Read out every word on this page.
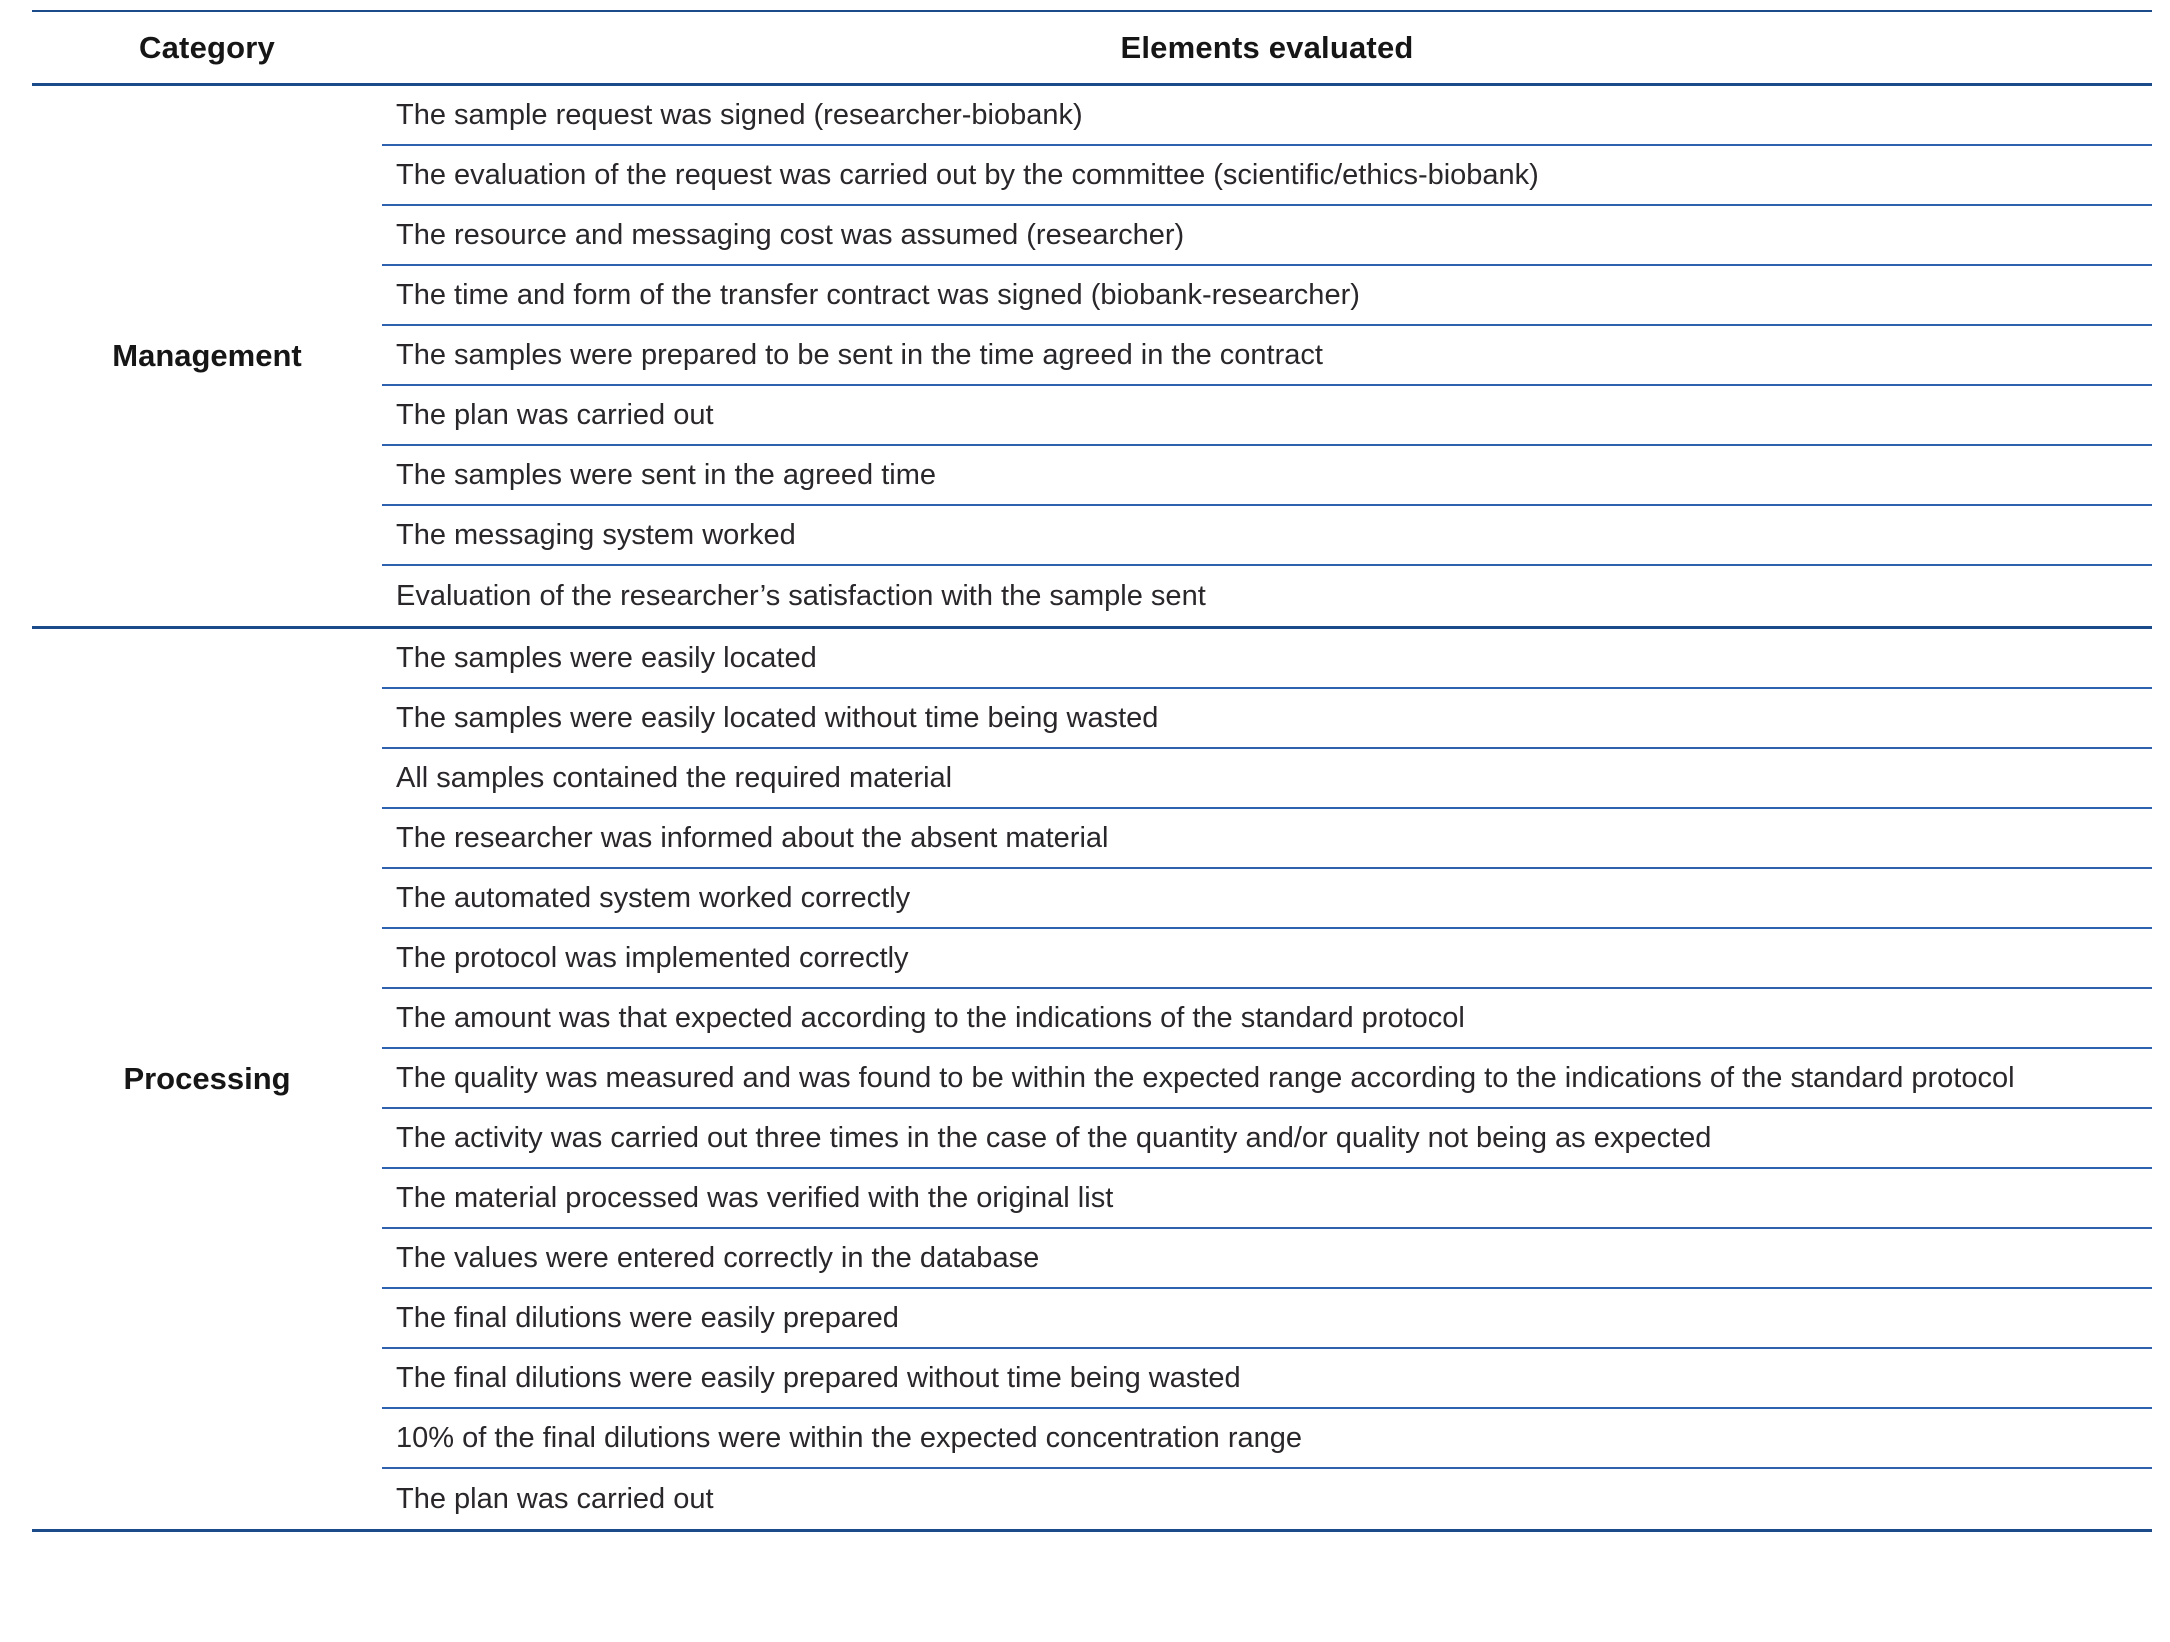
Category	Elements evaluated
Management
The sample request was signed (researcher-biobank)
The evaluation of the request was carried out by the committee (scientific/ethics-biobank)
The resource and messaging cost was assumed (researcher)
The time and form of the transfer contract was signed (biobank-researcher)
The samples were prepared to be sent in the time agreed in the contract
The plan was carried out
The samples were sent in the agreed time
The messaging system worked
Evaluation of the researcher’s satisfaction with the sample sent
Processing
The samples were easily located
The samples were easily located without time being wasted
All samples contained the required material
The researcher was informed about the absent material
The automated system worked correctly
The protocol was implemented correctly
The amount was that expected according to the indications of the standard protocol
The quality was measured and was found to be within the expected range according to the indications of the standard protocol
The activity was carried out three times in the case of the quantity and/or quality not being as expected
The material processed was verified with the original list
The values were entered correctly in the database
The final dilutions were easily prepared
The final dilutions were easily prepared without time being wasted
10% of the final dilutions were within the expected concentration range
The plan was carried out
